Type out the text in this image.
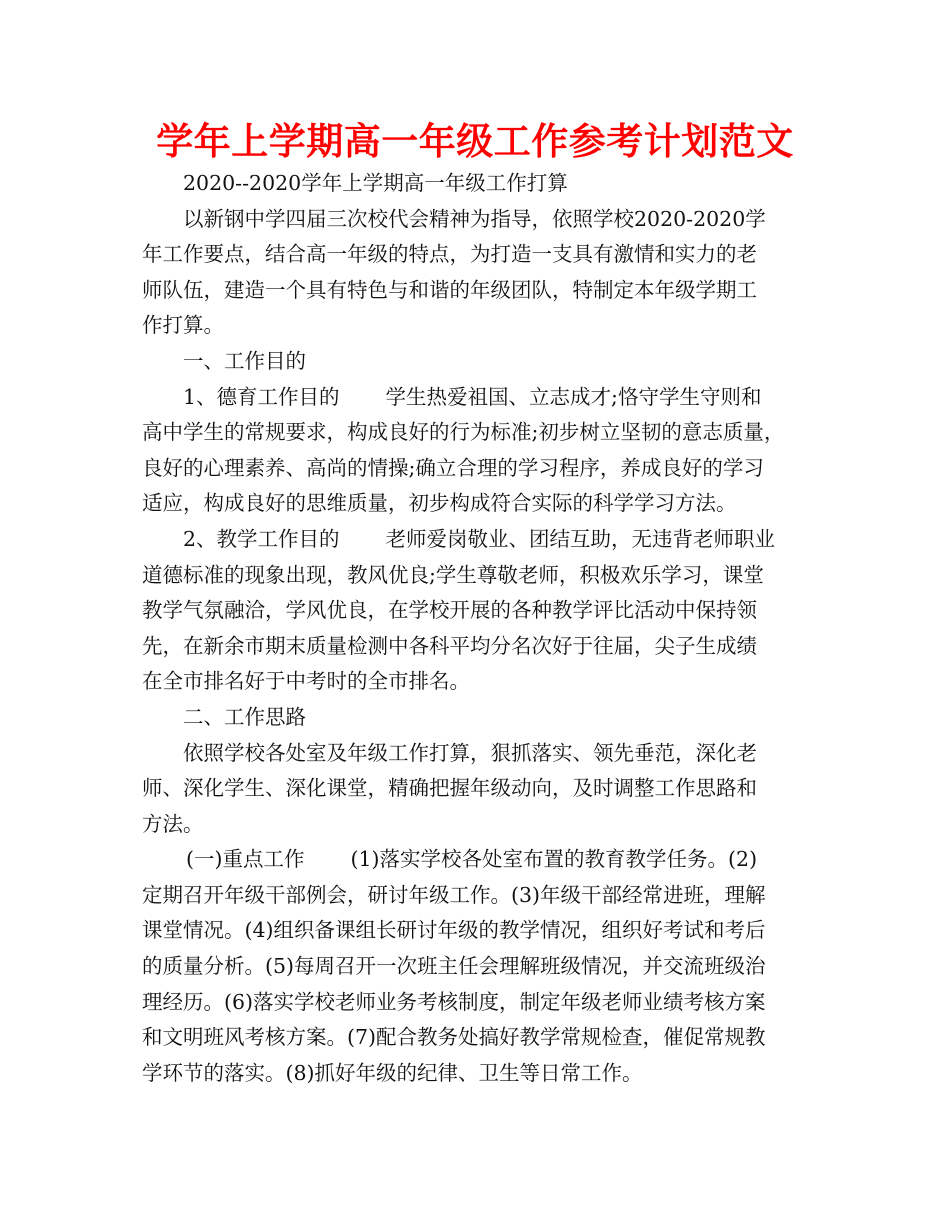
学年上学期高一年级工作参考计划范文
2020--2020学年上学期高一年级工作打算
以新钢中学四届三次校代会精神为指导，依照学校2020-2020学
年工作要点，结合高一年级的特点，为打造一支具有激情和实力的老
师队伍，建造一个具有特色与和谐的年级团队，特制定本年级学期工
作打算。
一、工作目的
1、德育工作目的 学生热爱祖国、立志成才;恪守学生守则和
高中学生的常规要求，构成良好的行为标准;初步树立坚韧的意志质量，
良好的心理素养、高尚的情操;确立合理的学习程序，养成良好的学习
适应，构成良好的思维质量，初步构成符合实际的科学学习方法。
2、教学工作目的 老师爱岗敬业、团结互助，无违背老师职业
道德标准的现象出现，教风优良;学生尊敬老师，积极欢乐学习，课堂
教学气氛融洽，学风优良，在学校开展的各种教学评比活动中保持领
先，在新余市期末质量检测中各科平均分名次好于往届，尖子生成绩
在全市排名好于中考时的全市排名。
二、工作思路
依照学校各处室及年级工作打算，狠抓落实、领先垂范，深化老
师、深化学生、深化课堂，精确把握年级动向，及时调整工作思路和
方法。
(一)重点工作 (1)落实学校各处室布置的教育教学任务。(2)
定期召开年级干部例会，研讨年级工作。(3)年级干部经常进班，理解
课堂情况。(4)组织备课组长研讨年级的教学情况，组织好考试和考后
的质量分析。(5)每周召开一次班主任会理解班级情况，并交流班级治
理经历。(6)落实学校老师业务考核制度，制定年级老师业绩考核方案
和文明班风考核方案。(7)配合教务处搞好教学常规检查，催促常规教
学环节的落实。(8)抓好年级的纪律、卫生等日常工作。
